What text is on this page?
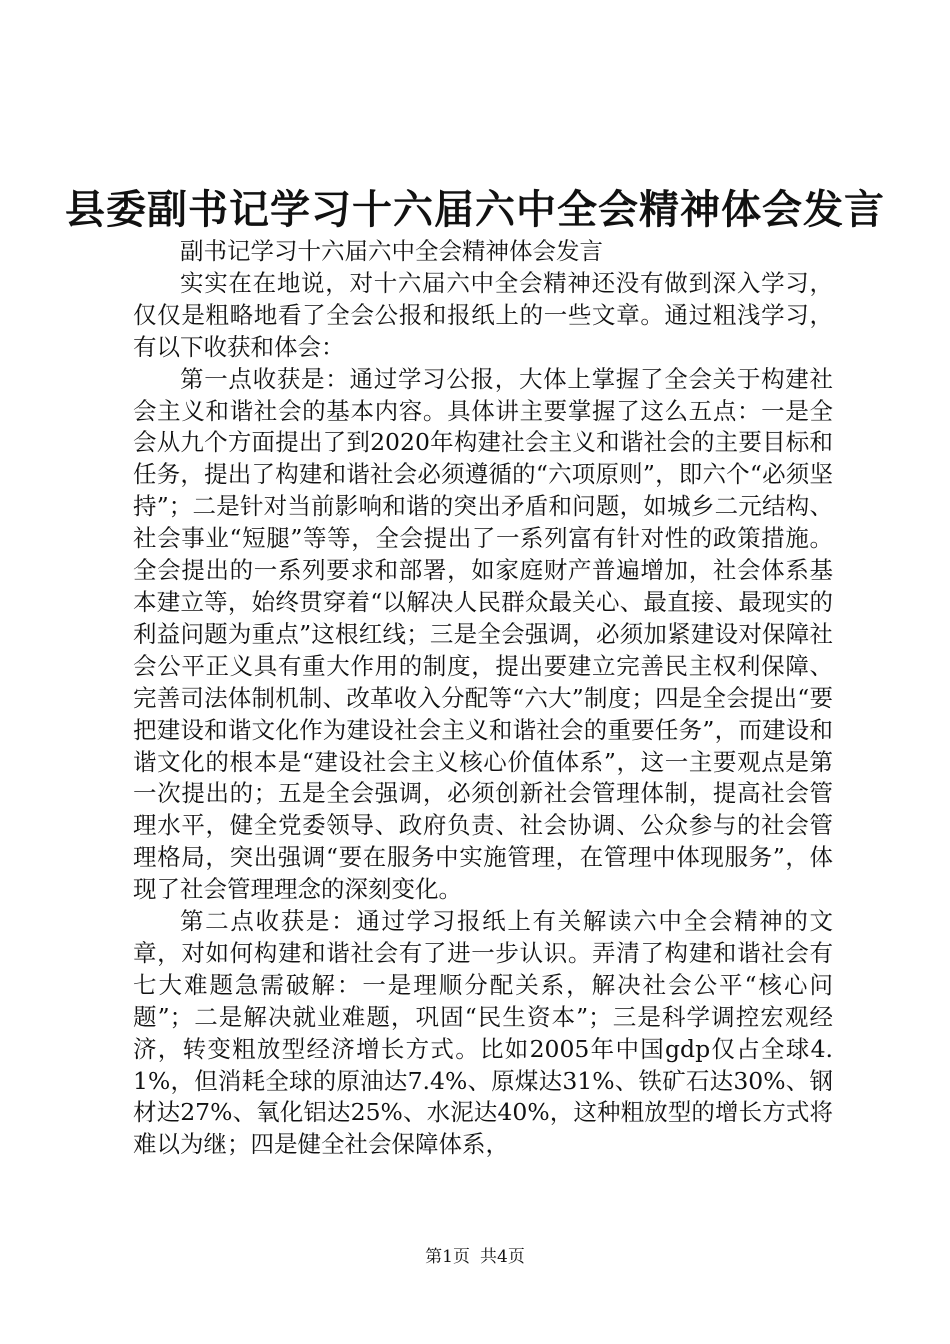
县委副书记学习十六届六中全会精神体会发言

副书记学习十六届六中全会精神体会发言

实实在在地说，对十六届六中全会精神还没有做到深入学习，仅仅是粗略地看了全会公报和报纸上的一些文章。通过粗浅学习，有以下收获和体会：

第一点收获是：通过学习公报，大体上掌握了全会关于构建社会主义和谐社会的基本内容。具体讲主要掌握了这么五点：一是全会从九个方面提出了到2020年构建社会主义和谐社会的主要目标和任务，提出了构建和谐社会必须遵循的“六项原则”，即六个“必须坚持”；二是针对当前影响和谐的突出矛盾和问题，如城乡二元结构、社会事业“短腿”等等，全会提出了一系列富有针对性的政策措施。全会提出的一系列要求和部署，如家庭财产普遍增加，社会体系基本建立等，始终贯穿着“以解决人民群众最关心、最直接、最现实的利益问题为重点”这根红线；三是全会强调，必须加紧建设对保障社会公平正义具有重大作用的制度，提出要建立完善民主权利保障、完善司法体制机制、改革收入分配等“六大”制度；四是全会提出“要把建设和谐文化作为建设社会主义和谐社会的重要任务”，而建设和谐文化的根本是“建设社会主义核心价值体系”，这一主要观点是第一次提出的；五是全会强调，必须创新社会管理体制，提高社会管理水平，健全党委领导、政府负责、社会协调、公众参与的社会管理格局，突出强调“要在服务中实施管理，在管理中体现服务”，体现了社会管理理念的深刻变化。

第二点收获是：通过学习报纸上有关解读六中全会精神的文章，对如何构建和谐社会有了进一步认识。弄清了构建和谐社会有七大难题急需破解：一是理顺分配关系，解决社会公平“核心问题”；二是解决就业难题，巩固“民生资本”；三是科学调控宏观经济，转变粗放型经济增长方式。比如2005年中国gdp仅占全球4.1%，但消耗全球的原油达7.4%、原煤达31%、铁矿石达30%、钢材达27%、氧化铝达25%、水泥达40%，这种粗放型的增长方式将难以为继；四是健全社会保障体系，

第1页 共4页
